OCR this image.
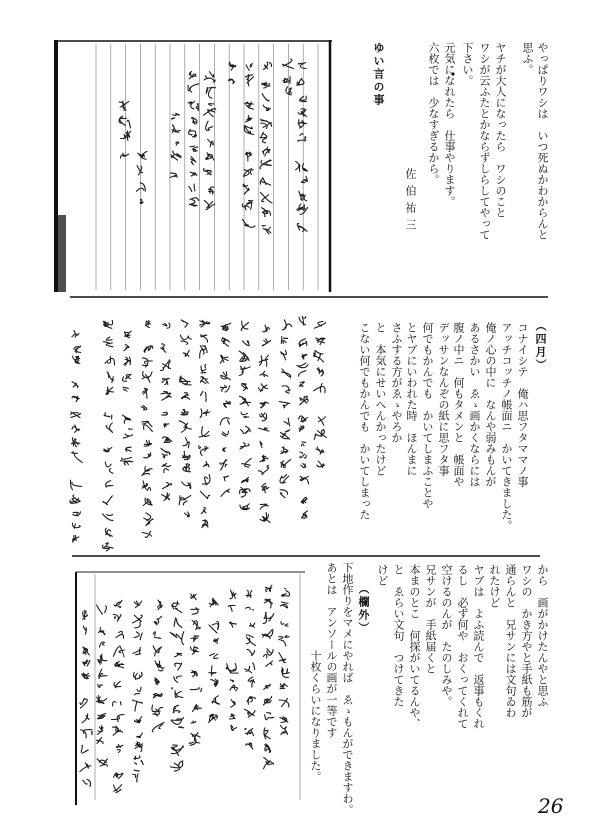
やっぱりワシは　いつ死ぬかわからんと
思ふ。
ヤチが大人になったら　ワシのこと
ワシが云ふたとかならずしらしてやって
下さい。
元気になれたら　仕事やります。
六枚では　少なすぎるから。
佐伯祐三
ゆい言の事
（四月）
コナイシテ　俺ハ思フタママノ事
アッチコッチノ帳面ニ　かいてきました。
俺ノ心の中に　なんや弱みもんが
あるさかい　ゑゝ画かくならには
腹ノ中ニ　何もタメンと　帳面や
デッサンなんぞの紙に思フタ事
何でもかんでも　かいてしまふことや
とヤブにいわれた時　ほんまに
さふする方がゑゝやろか
と　本気にせいへんかったけど
こない何でもかんでも　かいてしまった
から　画がかけたんやと思ふ
ワシの　かき方やと手紙も筋が
通らんと　兄サンには文句ゐわ
れたけど
ヤブは　よふ読んで　返事もくれ
るし　必ず何や　おくってくれて
空けるのんが　たのしみや。
兄サンが　手紙届くと
本まのとこ　何探がいてるんや、
と　ゑらい文句　つけてきた
けど
（欄外）
下地作りをマメにやれば　ゑゝもんができますわ。
あとは　アンソールの画が一等です
十枚くらいになりました。
26
